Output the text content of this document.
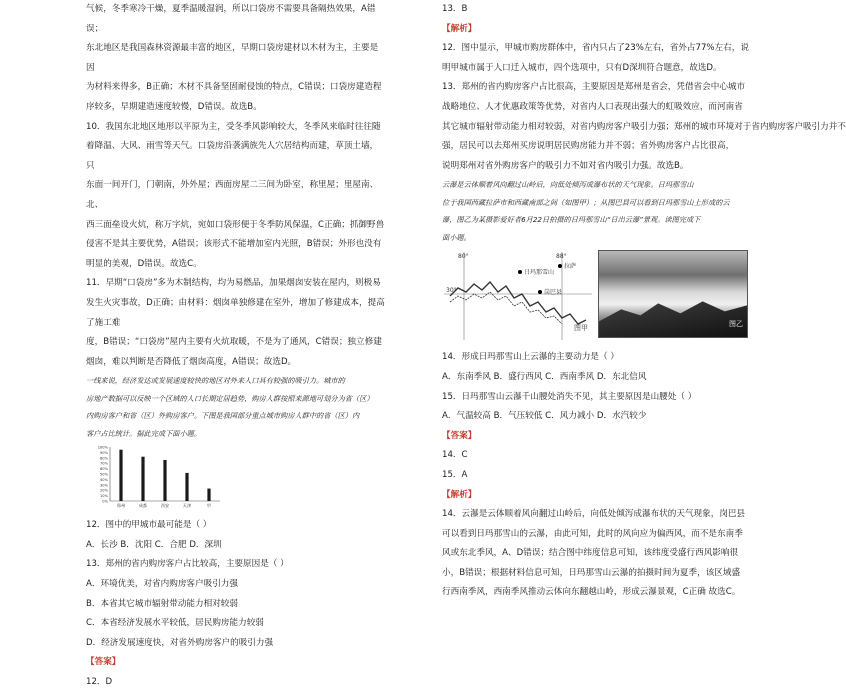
气候，冬季寒冷干燥，夏季温暖湿润，所以口袋房不需要具备隔热效果，A错误；

东北地区是我国森林资源最丰富的地区，早期口袋房建材以木材为主，主要是因

为材料来得多，B正确；木材不具备坚固耐侵蚀的特点，C错误；口袋房建造程

序较多，早期建造速度较慢，D错误。故选B。

10．我国东北地区地形以平原为主，受冬季风影响较大，冬季风来临时往往随

着降温、大风、雨雪等天气。口袋房沿袭满族先人穴居结构而建，草顶土墙，只

东面一间开门，门朝南，外外屋；西面房屋二三间为卧室，称里屋；里屋南、北、

西三面垒设火炕，称万字炕，宛如口袋形便于冬季防风保温，C正确；抓御野兽

侵害不是其主要优势，A错误；该形式不能增加室内光照，B错误；外形也没有

明显的美观，D错误。故选C。

11．早期“口袋房”多为木制结构，均为易燃品，加果烟囱安装在屋内，则极易

发生火灾事故，D正确；由材料：烟囱单独修建在室外，增加了修建成本，提高了施工难

度，B错误；“口袋房”屋内主要有火炕取暖，不是为了通风，C错误；独立修建

烟囱，难以判断是否降低了烟囱高度，A错误；故选D。

一线来说，经济发达或发展速度较快的地区对外来人口具有较强的吸引力。城市的

房地产数据可以反映一个区域的人口长期定居趋势，购房人群按照来源地可划分为省（区）

内购房客户和省（区）外购房客户。下图是我国部分重点城市购房人群中的省（区）内

客户占比统计。据此完成下面小题。

100%
90%
80%
70%
60%
50%
40%
30%
20%
10%
0%
郑州	成都	西安	天津	甲

12．图中的甲城市最可能是（ ）

A．长沙 B．沈阳 C．合肥 D．深圳

13．郑州的省内购房客户占比较高，主要原因是（ ）

A．环境优美，对省内购房客户吸引力强

B．本省其它城市辐射带动能力相对较弱

C．本省经济发展水平较低，居民购房能力较弱

D．经济发展速度快，对省外购房客户的吸引力强

【答案】

12．D

13．B

【解析】

12．图中显示，甲城市购房群体中，省内只占了23%左右，省外占77%左右，说

明甲城市属于人口迁入城市，四个选项中，只有D深圳符合题意，故选D。

13．郑州的省内购房客户占比很高，主要原因是郑州是省会，凭借省会中心城市

战略地位、人才优惠政策等优势，对省内人口表现出强大的虹吸效应，而河南省

其它城市辐射带动能力相对较弱，对省内购房客户吸引力强；郑州的城市环境对于省内购房客户吸引力并不

强，居民可以去郑州买房说明居民购房能力并不弱；省外购房客户占比很高，

说明郑州对省外购房客户的吸引力不如对省内吸引力强。故选B。

云瀑是云体顺着风向翻过山岭后，向低处倾泻成瀑布状的天气现象。日玛那雪山

位于我国西藏拉萨市和西藏南部之间（如图甲）；从图巴县可以看到日玛那雪山上形成的云

瀑，图乙为某摄影爱好者6月22日拍摄的日玛那雪山“日出云瀑”景观。读图完成下

面小题。

80°	88°
日玛那雪山
岗巴县
拉萨
30°
图甲	图乙

14．形成日玛那雪山上云瀑的主要动力是（ ）

A．东南季风 B．盛行西风 C．西南季风 D．东北信风

15．日玛那雪山云瀑千山腰处消失不见，其主要原因是山腰处（ ）

A．气温较高 B．气压较低 C．风力减小 D．水汽较少

【答案】

14．C

15．A

【解析】

14．云瀑是云体顺着风向翻过山岭后，向低处倾泻成瀑布状的天气现象，岗巴县

可以看到日玛那雪山的云瀑，由此可知，此时的风向应为偏西风，而不是东南季

风或东北季风，A、D错误；结合图中纬度信息可知，该纬度受盛行西风影响很

小，B错误；根据材料信息可知，日玛那雪山云瀑的拍摄时间为夏季，该区域盛

行西南季风，西南季风推动云体向东翻越山岭，形成云瀑景观，C正确 故选C。
